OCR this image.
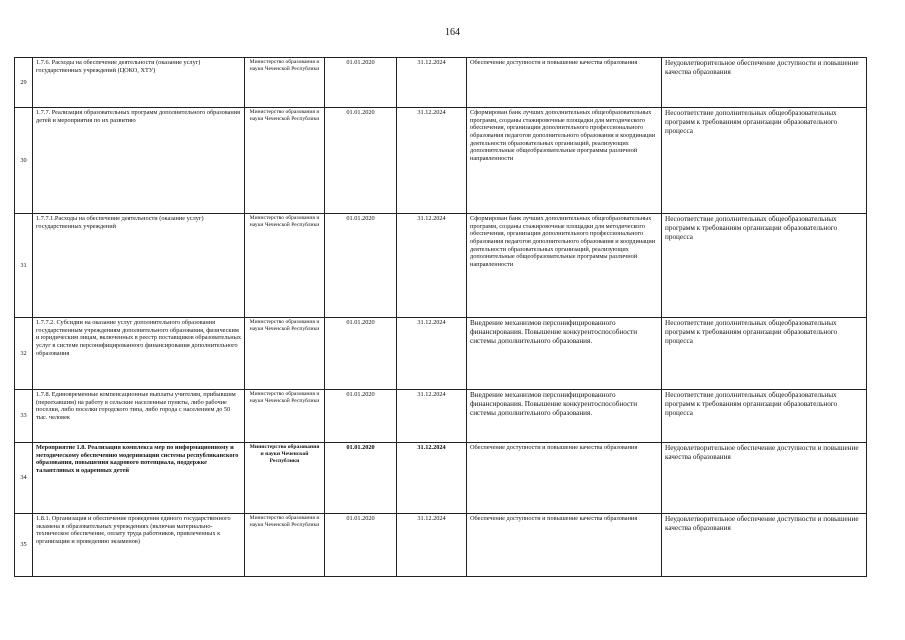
164
29	1.7.6. Расходы на обеспечение деятельности (оказание услуг) государственных учреждений (ЦОКО, ХТУ)	Министерство образования и науки Чеченской Республики	01.01.2020	31.12.2024	Обеспечение доступности и повышение качества образования	Неудовлетворительное обеспечение доступности и повышение качества образования
30	1.7.7. Реализация образовательных программ дополнительного образования детей и мероприятия по их развитию	Министерство образования и науки Чеченской Республики	01.01.2020	31.12.2024	Сформирован банк лучших дополнительных общеобразовательных программ, созданы стажировочные площадки для методического обеспечения, организации дополнительного профессионального образования педагогов дополнительного образования и координации деятельности образовательных организаций, реализующих дополнительные общеобразовательные программы различной направленности	Несоответствие дополнительных общеобразовательных программ к требованиям организации образовательного процесса
31	1.7.7.1.Расходы на обеспечение деятельности (оказание услуг) государственных учреждений	Министерство образования и науки Чеченской Республики	01.01.2020	31.12.2024	Сформирован банк лучших дополнительных общеобразовательных программ, созданы стажировочные площадки для методического обеспечения, организации дополнительного профессионального образования педагогов дополнительного образования и координации деятельности образовательных организаций, реализующих дополнительные общеобразовательные программы различной направленности	Несоответствие дополнительных общеобразовательных программ к требованиям организации образовательного процесса
32	1.7.7.2. Субсидии на оказание услуг дополнительного образования государственным учреждениям дополнительного образования, физическим и юридическим лицам, включенных в реестр поставщиков образовательных услуг в системе персонифицированного финансирования дополнительного образования	Министерство образования и науки Чеченской Республики	01.01.2020	31.12.2024	Внедрение механизмов персонифицированного финансирования. Повышение конкурентоспособности системы дополнительного образования.	Несоответствие дополнительных общеобразовательных программ к требованиям организации образовательного процесса
33	1.7.8. Единовременные компенсационные выплаты учителям, прибывшим (переехавшим) на работу в сельские населенные пункты, либо рабочие поселки, либо поселки городского типа, либо города с населением до 50 тыс. человек	Министерство образования и науки Чеченской Республики	01.01.2020	31.12.2024	Внедрение механизмов персонифицированного финансирования. Повышение конкурентоспособности системы дополнительного образования.	Несоответствие дополнительных общеобразовательных программ к требованиям организации образовательного процесса
34	Мероприятие 1.8. Реализация комплекса мер по информационному и методическому обеспечению модернизации системы республиканского образования, повышения кадрового потенциала, поддержке талантливых и одаренных детей	Министерство образования и науки Чеченской Республики	01.01.2020	31.12.2024	Обеспечение доступности и повышение качества образования	Неудовлетворительное обеспечение доступности и повышение качества образования
35	1.8.1. Организация и обеспечение проведения единого государственного экзамена в образовательных учреждениях (включая материально-техническое обеспечение, оплату труда работников, привлеченных к организации и проведению экзаменов)	Министерство образования и науки Чеченской Республики	01.01.2020	31.12.2024	Обеспечение доступности и повышение качества образования	Неудовлетворительное обеспечение доступности и повышение качества образования
